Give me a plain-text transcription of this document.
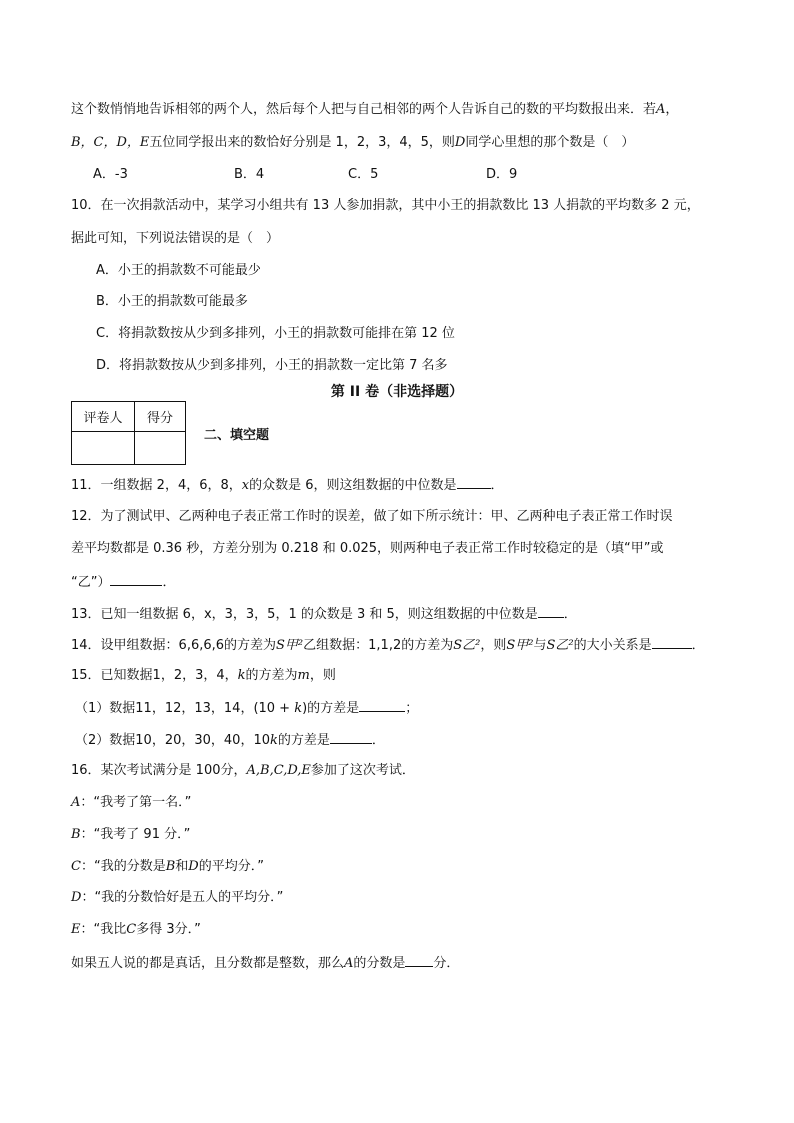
这个数悄悄地告诉相邻的两个人，然后每个人把与自己相邻的两个人告诉自己的数的平均数报出来．若A，
B，C，D，E五位同学报出来的数恰好分别是 1，2，3，4，5，则D同学心里想的那个数是（　）
A．-3	B．4	C．5	D．9
10．在一次捐款活动中，某学习小组共有 13 人参加捐款，其中小王的捐款数比 13 人捐款的平均数多 2 元，
据此可知，下列说法错误的是（　）
A．小王的捐款数不可能最少
B．小王的捐款数可能最多
C．将捐款数按从少到多排列，小王的捐款数可能排在第 12 位
D．将捐款数按从少到多排列，小王的捐款数一定比第 7 名多
第 II 卷（非选择题）
评卷人	得分

二、填空题
11．一组数据 2，4，6，8，x的众数是 6，则这组数据的中位数是	．
12．为了测试甲、乙两种电子表正常工作时的误差，做了如下所示统计：甲、乙两种电子表正常工作时误
差平均数都是 0.36 秒，方差分别为 0.218 和 0.025，则两种电子表正常工作时较稳定的是（填“甲”或
“乙”）	．
13．已知一组数据 6，x，3，3，5，1 的众数是 3 和 5，则这组数据的中位数是 ．
14．设甲组数据：6,6,6,6的方差为S甲²乙组数据：1,1,2的方差为S乙²，则S甲²与S乙²的大小关系是	．
15．已知数据1，2，3，4，k的方差为m，则
（1）数据11，12，13，14，(10 + k)的方差是	；
（2）数据10，20，30，40，10k的方差是	．
16．某次考试满分是 100分，A,B,C,D,E参加了这次考试．
A：“我考了第一名．”
B：“我考了 91 分．”
C：“我的分数是B和D的平均分．”
D：“我的分数恰好是五人的平均分．”
E：“我比C多得 3分．”
如果五人说的都是真话，且分数都是整数，那么A的分数是 分．
